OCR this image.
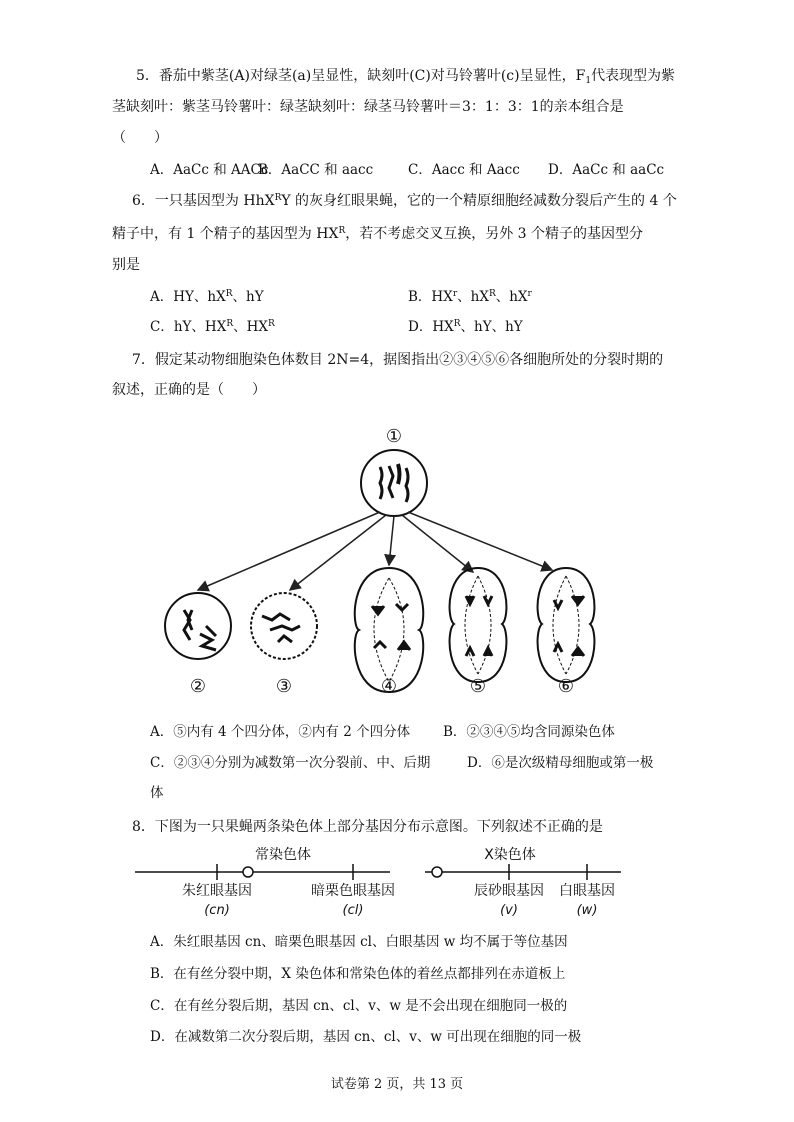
5．番茄中紫茎(A)对绿茎(a)呈显性，缺刻叶(C)对马铃薯叶(c)呈显性，$F_1$代表现型为紫
茎缺刻叶：紫茎马铃薯叶：绿茎缺刻叶：绿茎马铃薯叶＝3：1：3：1的亲本组合是
（　　）
A．AaCc 和 AACc
B．AaCC 和 aacc	C．Aacc 和 Aacc D．AaCc 和 aaCc
6．一只基因型为 HhX$^R$Y 的灰身红眼果蝇，它的一个精原细胞经减数分裂后产生的 4 个
精子中，有 1 个精子的基因型为 $HX^R$，若不考虑交叉互换，另外 3 个精子的基因型分
别是
A．HY、$hX^R$、hY	B．$HX^r$、$hX^R$、$hX^r$
C．hY、$HX^R$、$HX^R$	D．$HX^R$、hY、hY
7．假定某动物细胞染色体数目 2N=4，据图指出②③④⑤⑥各细胞所处的分裂时期的
叙述，正确的是（　　）
①
②	③	④	⑤	⑥
A．⑤内有 4 个四分体，②内有 2 个四分体 B．②③④⑤均含同源染色体
C．②③④分别为减数第一次分裂前、中、后期	D．⑥是次级精母细胞或第一极
体
8．下图为一只果蝇两条染色体上部分基因分布示意图。下列叙述不正确的是
常染色体
朱红眼基因
(cn)
暗栗色眼基因
(cl)
X染色体
辰砂眼基因
(v)
白眼基因
(w)
A．朱红眼基因 cn、暗栗色眼基因 cl、白眼基因 w 均不属于等位基因
B．在有丝分裂中期，X 染色体和常染色体的着丝点都排列在赤道板上
C．在有丝分裂后期，基因 cn、cl、v、w 是不会出现在细胞同一极的
D．在减数第二次分裂后期，基因 cn、cl、v、w 可出现在细胞的同一极
试卷第 2 页，共 13 页
